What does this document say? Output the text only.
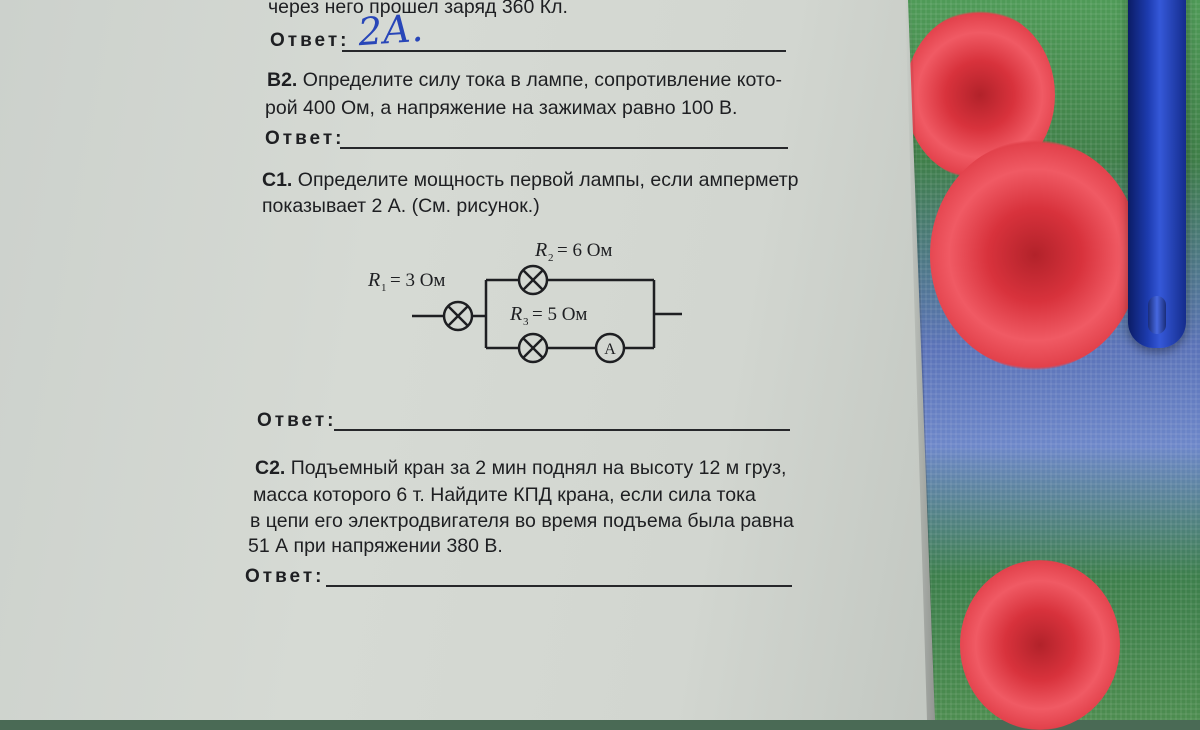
через него прошел заряд 360 Кл.
Ответ: 2А.
В2. Определите силу тока в лампе, сопротивление кото-
рой 400 Ом, а напряжение на зажимах равно 100 В.
Ответ:
С1. Определите мощность первой лампы, если амперметр
показывает 2 А. (См. рисунок.)
А
R 1 = 3 Ом
R 2 = 6 Ом
R 3 = 5 Ом
Ответ:
С2. Подъемный кран за 2 мин поднял на высоту 12 м груз,
масса которого 6 т. Найдите КПД крана, если сила тока
в цепи его электродвигателя во время подъема была равна
51 А при напряжении 380 В.
Ответ:
